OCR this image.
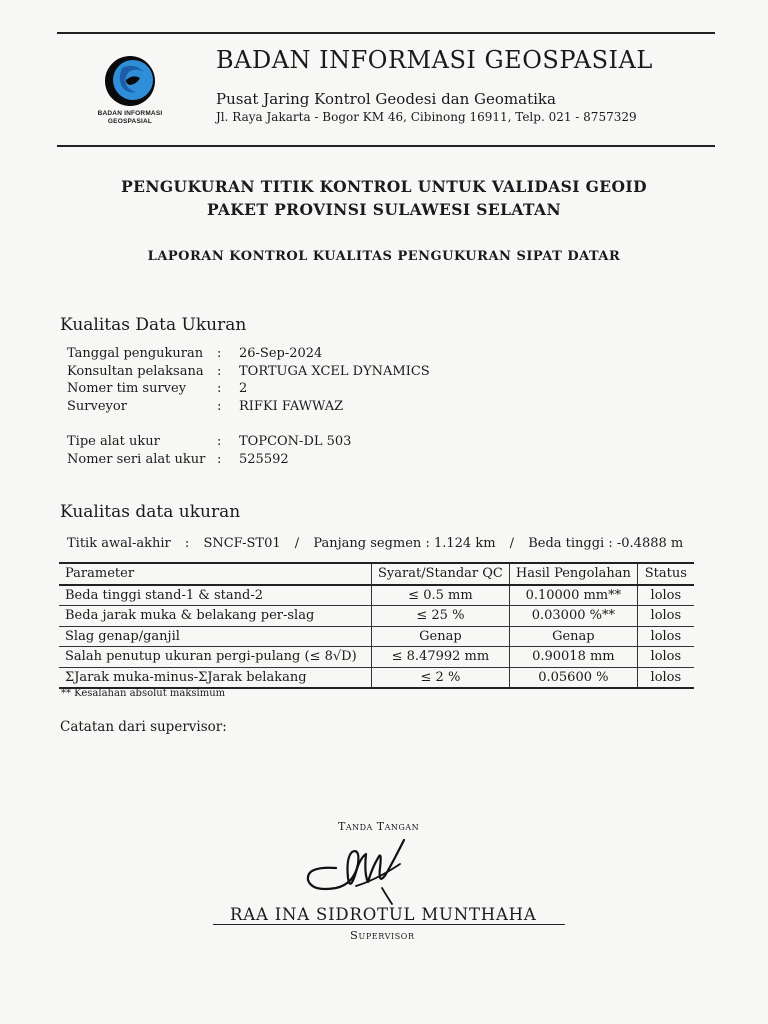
BADAN INFORMASI
GEOSPASIAL
BADAN INFORMASI GEOSPASIAL
Pusat Jaring Kontrol Geodesi dan Geomatika
Jl. Raya Jakarta - Bogor KM 46, Cibinong 16911, Telp. 021 - 8757329
PENGUKURAN TITIK KONTROL UNTUK VALIDASI GEOID
PAKET PROVINSI SULAWESI SELATAN
LAPORAN KONTROL KUALITAS PENGUKURAN SIPAT DATAR
Kualitas Data Ukuran
Tanggal pengukuran	:	26-Sep-2024
Konsultan pelaksana	:	TORTUGA XCEL DYNAMICS
Nomer tim survey	:	2
Surveyor	:	RIFKI FAWWAZ
Tipe alat ukur	:	TOPCON-DL 503
Nomer seri alat ukur :	525592
Kualitas data ukuran
Titik awal-akhir : SNCF-ST01 / Panjang segmen : 1.124 km / Beda tinggi : -0.4888 m
Parameter	Syarat/Standar QC	Hasil Pengolahan	Status
Beda tinggi stand-1 & stand-2	≤ 0.5 mm	0.10000 mm**	lolos
Beda jarak muka & belakang per-slag	≤ 25 %	0.03000 %**	lolos
Slag genap/ganjil	Genap	Genap	lolos
Salah penutup ukuran pergi-pulang (≤ 8√D)	≤ 8.47992 mm	0.90018 mm	lolos
ΣJarak muka-minus-ΣJarak belakang	≤ 2 %	0.05600 %	lolos
** Kesalahan absolut maksimum
Catatan dari supervisor:
Tanda Tangan
RAA INA SIDROTUL MUNTHAHA
Supervisor
